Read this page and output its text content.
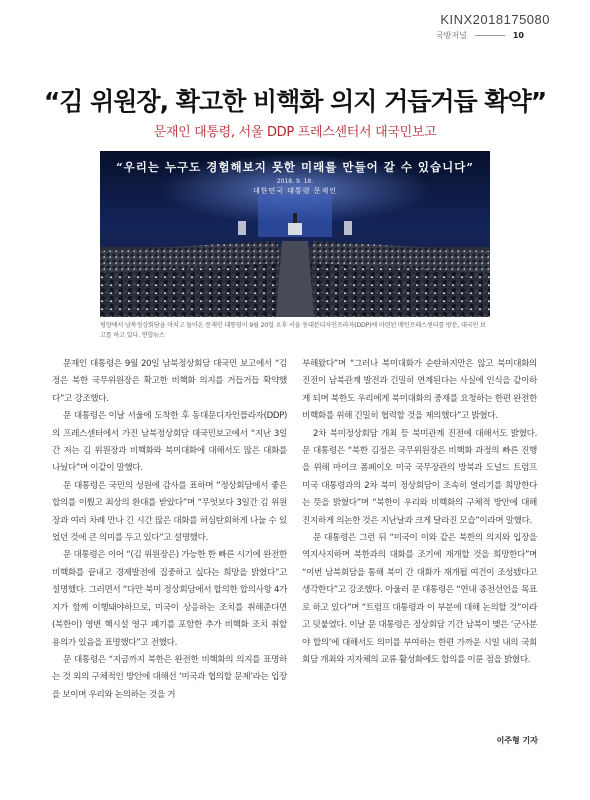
KINX2018175080
국방저널	10
“김 위원장, 확고한 비핵화 의지 거듭거듭 확약”
문재인 대통령, 서울 DDP 프레스센터서 대국민보고
“우리는 누구도 경험해보지 못한 미래를 만들어 갈 수 있습니다”
2018. 9. 18.
대한민국 대통령 문재인
평양에서 남북정상회담을 마치고 돌아온 문재인 대통령이 9월 20일 오후 서울 동대문디자인프라자(DDP)에 마련된 메인프레스센터를 방문, 대국민 보고를 하고 있다. 연합뉴스

문재인 대통령은 9월 20일 남북정상회담 대국민 보고에서 “김정은 북한 국무위원장은 확고한 비핵화 의지를 거듭거듭 확약했다”고 강조했다.

문 대통령은 이날 서울에 도착한 후 동대문디자인플라자(DDP)의 프레스센터에서 가진 남북정상회담 대국민보고에서 “지난 3일간 저는 김 위원장과 비핵화와 북미대화에 대해서도 많은 대화를 나눴다”며 이같이 말했다.

문 대통령은 국민의 성원에 감사를 표하며 “정상회담에서 좋은 합의를 이뤘고 최상의 환대를 받았다”며 “무엇보다 3일간 김 위원장과 여러 차례 만나 긴 시간 많은 대화를 허심탄회하게 나눌 수 있었던 것에 큰 의미를 두고 있다”고 설명했다.

문 대통령은 이어 “(김 위원장은) 가능한 한 빠른 시기에 완전한 비핵화를 끝내고 경제발전에 집중하고 싶다는 희망을 밝혔다”고 설명했다. 그러면서 “다만 북미 정상회담에서 합의한 합의사항 4가지가 함께 이행돼야하므로, 미국이 상응하는 조치를 취해준다면 (북한이) 영변 핵시설 영구 폐기를 포함한 추가 비핵화 조치 취할 용의가 있음을 표명했다”고 전했다.

문 대통령은 “지금까지 북한은 완전한 비핵화의 의지를 표명하는 것 외의 구체적인 방안에 대해선 ‘미국과 협의할 문제’라는 입장을 보이며 우리와 논의하는 것을 거

부해왔다”며 “그러나 북미대화가 순탄하지만은 않고 북미대화의 진전이 남북관계 발전과 긴밀히 연계된다는 사실에 인식을 같이하게 되며 북한도 우리에게 북미대화의 중재를 요청하는 한편 완전한 비핵화를 위해 긴밀히 협력할 것을 제의했다”고 밝혔다.

2차 북미정상회담 개최 등 북미관계 진전에 대해서도 밝혔다. 문 대통령은 “북한 김정은 국무위원장은 비핵화 과정의 빠른 진행을 위해 마이크 폼페이오 미국 국무장관의 방북과 도널드 트럼프 미국 대통령과의 2차 북미 정상회담이 조속히 열리기를 희망한다는 뜻을 밝혔다”며 “북한이 우리와 비핵화의 구체적 방안에 대해 진지하게 의논한 것은 지난날과 크게 달라진 모습”이라며 말했다.

문 대통령은 그런 뒤 “미국이 이와 같은 북한의 의지와 입장을 역지사지하며 북한과의 대화를 조기에 재개할 것을 희망한다”며 “이번 남북회담을 통해 북미 간 대화가 재개될 여건이 조성됐다고 생각한다”고 강조했다. 아울러 문 대통령은 “연내 종전선언을 목표로 하고 있다”며 “트럼프 대통령과 이 부분에 대해 논의할 것”이라고 덧붙였다. 이날 문 대통령은 정상회담 기간 남북이 맺은 ‘군사분야 합의’에 대해서도 의미를 부여하는 한편 가까운 시일 내의 국회회담 개최와 지자체의 교류 활성화에도 합의를 이룬 점을 밝혔다.

이주형 기자
